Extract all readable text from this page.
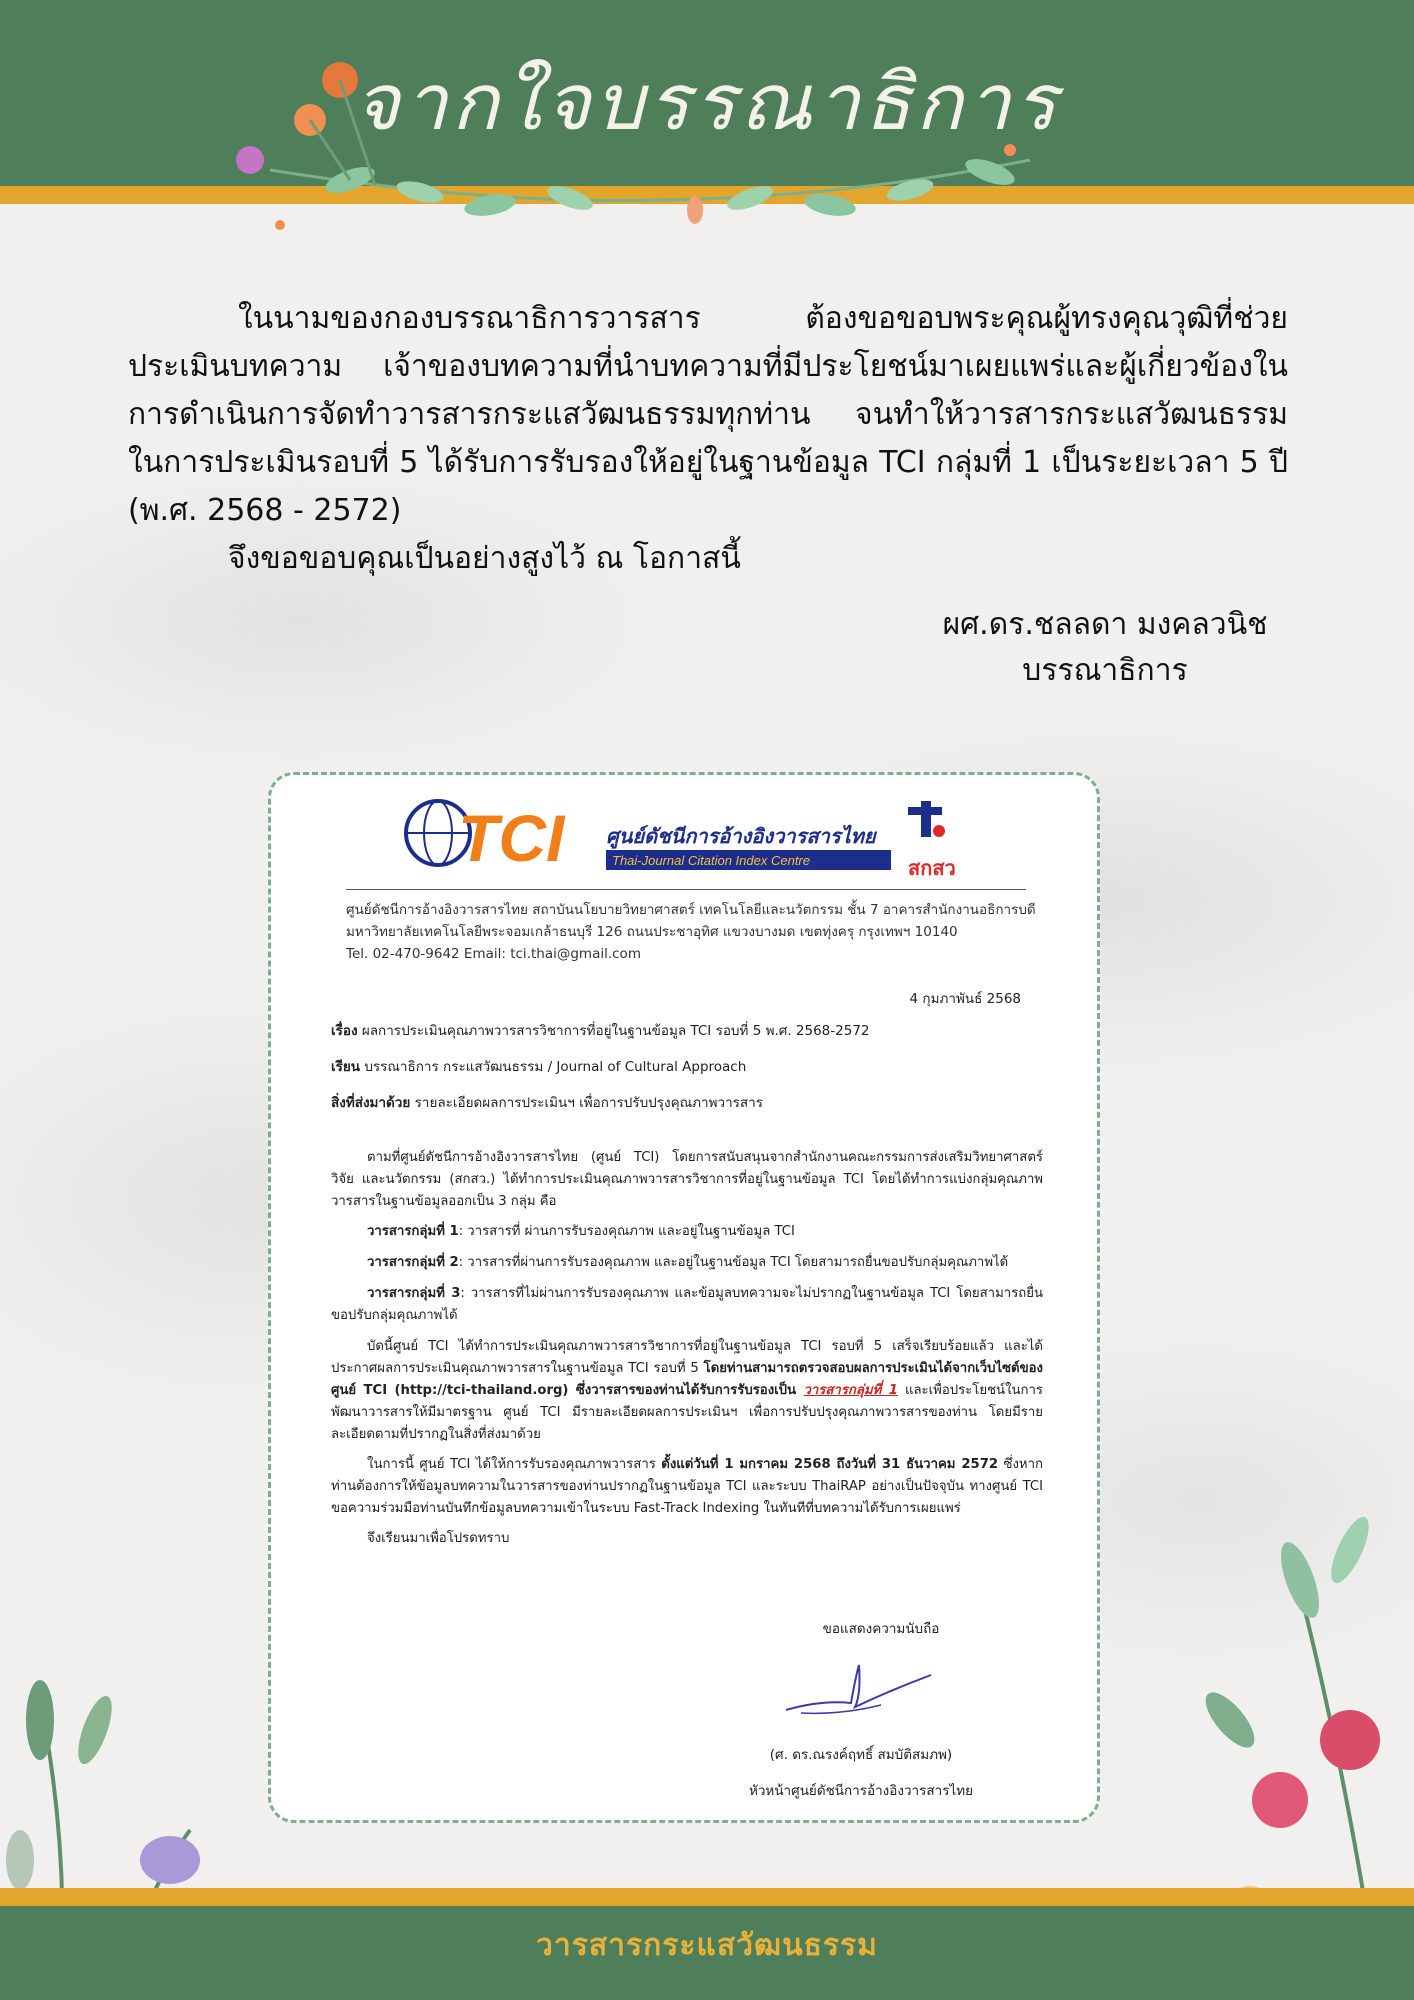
จากใจบรรณาธิการ

ในนามของกองบรรณาธิการวารสาร ต้องขอขอบพระคุณผู้ทรงคุณวุฒิที่ช่วยประเมินบทความ เจ้าของบทความที่นำบทความที่มีประโยชน์มาเผยแพร่และผู้เกี่ยวข้องในการดำเนินการจัดทำวารสารกระแสวัฒนธรรมทุกท่าน จนทำให้วารสารกระแสวัฒนธรรม ในการประเมินรอบที่ 5 ได้รับการรับรองให้อยู่ในฐานข้อมูล TCI กลุ่มที่ 1 เป็นระยะเวลา 5 ปี (พ.ศ. 2568 - 2572)

จึงขอขอบคุณเป็นอย่างสูงไว้ ณ โอกาสนี้

ผศ.ดร.ชลลดา มงคลวนิช
บรรณาธิการ
TCI ศูนย์ดัชนีการอ้างอิงวารสารไทย
Thai-Journal Citation Index Centre	สกสว
ศูนย์ดัชนีการอ้างอิงวารสารไทย สถาบันนโยบายวิทยาศาสตร์ เทคโนโลยีและนวัตกรรม ชั้น 7 อาคารสำนักงานอธิการบดี
มหาวิทยาลัยเทคโนโลยีพระจอมเกล้าธนบุรี 126 ถนนประชาอุทิศ แขวงบางมด เขตทุ่งครุ กรุงเทพฯ 10140
Tel. 02-470-9642 Email: tci.thai@gmail.com
4 กุมภาพันธ์ 2568
เรื่อง ผลการประเมินคุณภาพวารสารวิชาการที่อยู่ในฐานข้อมูล TCI รอบที่ 5 พ.ศ. 2568-2572
เรียน บรรณาธิการ กระแสวัฒนธรรม / Journal of Cultural Approach
สิ่งที่ส่งมาด้วย รายละเอียดผลการประเมินฯ เพื่อการปรับปรุงคุณภาพวารสาร

ตามที่ศูนย์ดัชนีการอ้างอิงวารสารไทย (ศูนย์ TCI) โดยการสนับสนุนจากสำนักงานคณะกรรมการส่งเสริมวิทยาศาสตร์ วิจัย และนวัตกรรม (สกสว.) ได้ทำการประเมินคุณภาพวารสารวิชาการที่อยู่ในฐานข้อมูล TCI โดยได้ทำการแบ่งกลุ่มคุณภาพวารสารในฐานข้อมูลออกเป็น 3 กลุ่ม คือ

วารสารกลุ่มที่ 1: วารสารที่ ผ่านการรับรองคุณภาพ และอยู่ในฐานข้อมูล TCI
วารสารกลุ่มที่ 2: วารสารที่ผ่านการรับรองคุณภาพ และอยู่ในฐานข้อมูล TCI โดยสามารถยื่นขอปรับกลุ่มคุณภาพได้
วารสารกลุ่มที่ 3: วารสารที่ไม่ผ่านการรับรองคุณภาพ และข้อมูลบทความจะไม่ปรากฏในฐานข้อมูล TCI โดยสามารถยื่นขอปรับกลุ่มคุณภาพได้

บัดนี้ศูนย์ TCI ได้ทำการประเมินคุณภาพวารสารวิชาการที่อยู่ในฐานข้อมูล TCI รอบที่ 5 เสร็จเรียบร้อยแล้ว และได้ประกาศผลการประเมินคุณภาพวารสารในฐานข้อมูล TCI รอบที่ 5 โดยท่านสามารถตรวจสอบผลการประเมินได้จากเว็บไซต์ของศูนย์ TCI (http://tci-thailand.org) ซึ่งวารสารของท่านได้รับการรับรองเป็น วารสารกลุ่มที่ 1 และเพื่อประโยชน์ในการพัฒนาวารสารให้มีมาตรฐาน ศูนย์ TCI มีรายละเอียดผลการประเมินฯ เพื่อการปรับปรุงคุณภาพวารสารของท่าน โดยมีรายละเอียดตามที่ปรากฏในสิ่งที่ส่งมาด้วย

ในการนี้ ศูนย์ TCI ได้ให้การรับรองคุณภาพวารสาร ตั้งแต่วันที่ 1 มกราคม 2568 ถึงวันที่ 31 ธันวาคม 2572 ซึ่งหากท่านต้องการให้ข้อมูลบทความในวารสารของท่านปรากฏในฐานข้อมูล TCI และระบบ ThaiRAP อย่างเป็นปัจจุบัน ทางศูนย์ TCI ขอความร่วมมือท่านบันทึกข้อมูลบทความเข้าในระบบ Fast-Track Indexing ในทันทีที่บทความได้รับการเผยแพร่

จึงเรียนมาเพื่อโปรดทราบ

ขอแสดงความนับถือ
(ศ. ดร.ณรงค์ฤทธิ์ สมบัติสมภพ)
หัวหน้าศูนย์ดัชนีการอ้างอิงวารสารไทย
วารสารกระแสวัฒนธรรม
